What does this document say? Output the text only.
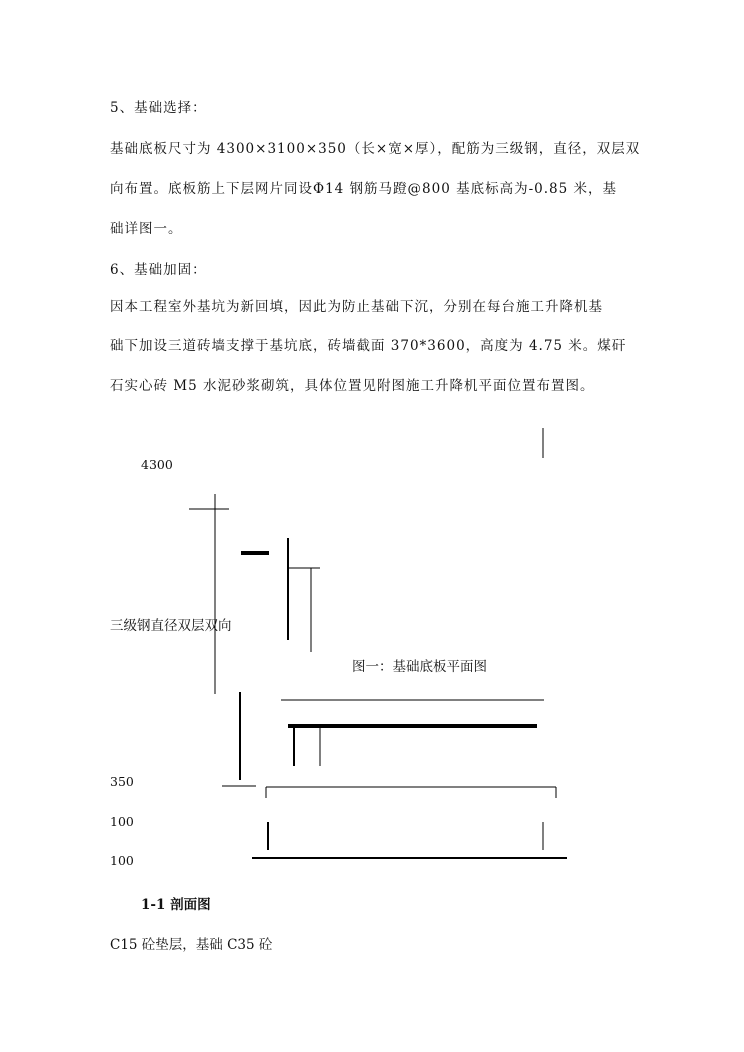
5、基础选择：
基础底板尺寸为 4300×3100×350（长×宽×厚），配筋为三级钢，直径，双层双
向布置。底板筋上下层网片同设Φ14 钢筋马蹬@800 基底标高为-0.85 米，基
础详图一。
6、基础加固：
因本工程室外基坑为新回填，因此为防止基础下沉，分别在每台施工升降机基
础下加设三道砖墙支撑于基坑底，砖墙截面 370*3600，高度为 4.75 米。煤矸
石实心砖 M5 水泥砂浆砌筑，具体位置见附图施工升降机平面位置布置图。
4300
三级钢直径双层双向
图一：基础底板平面图
350
100
100
1-1 剖面图
C15 砼垫层，基础 C35 砼
